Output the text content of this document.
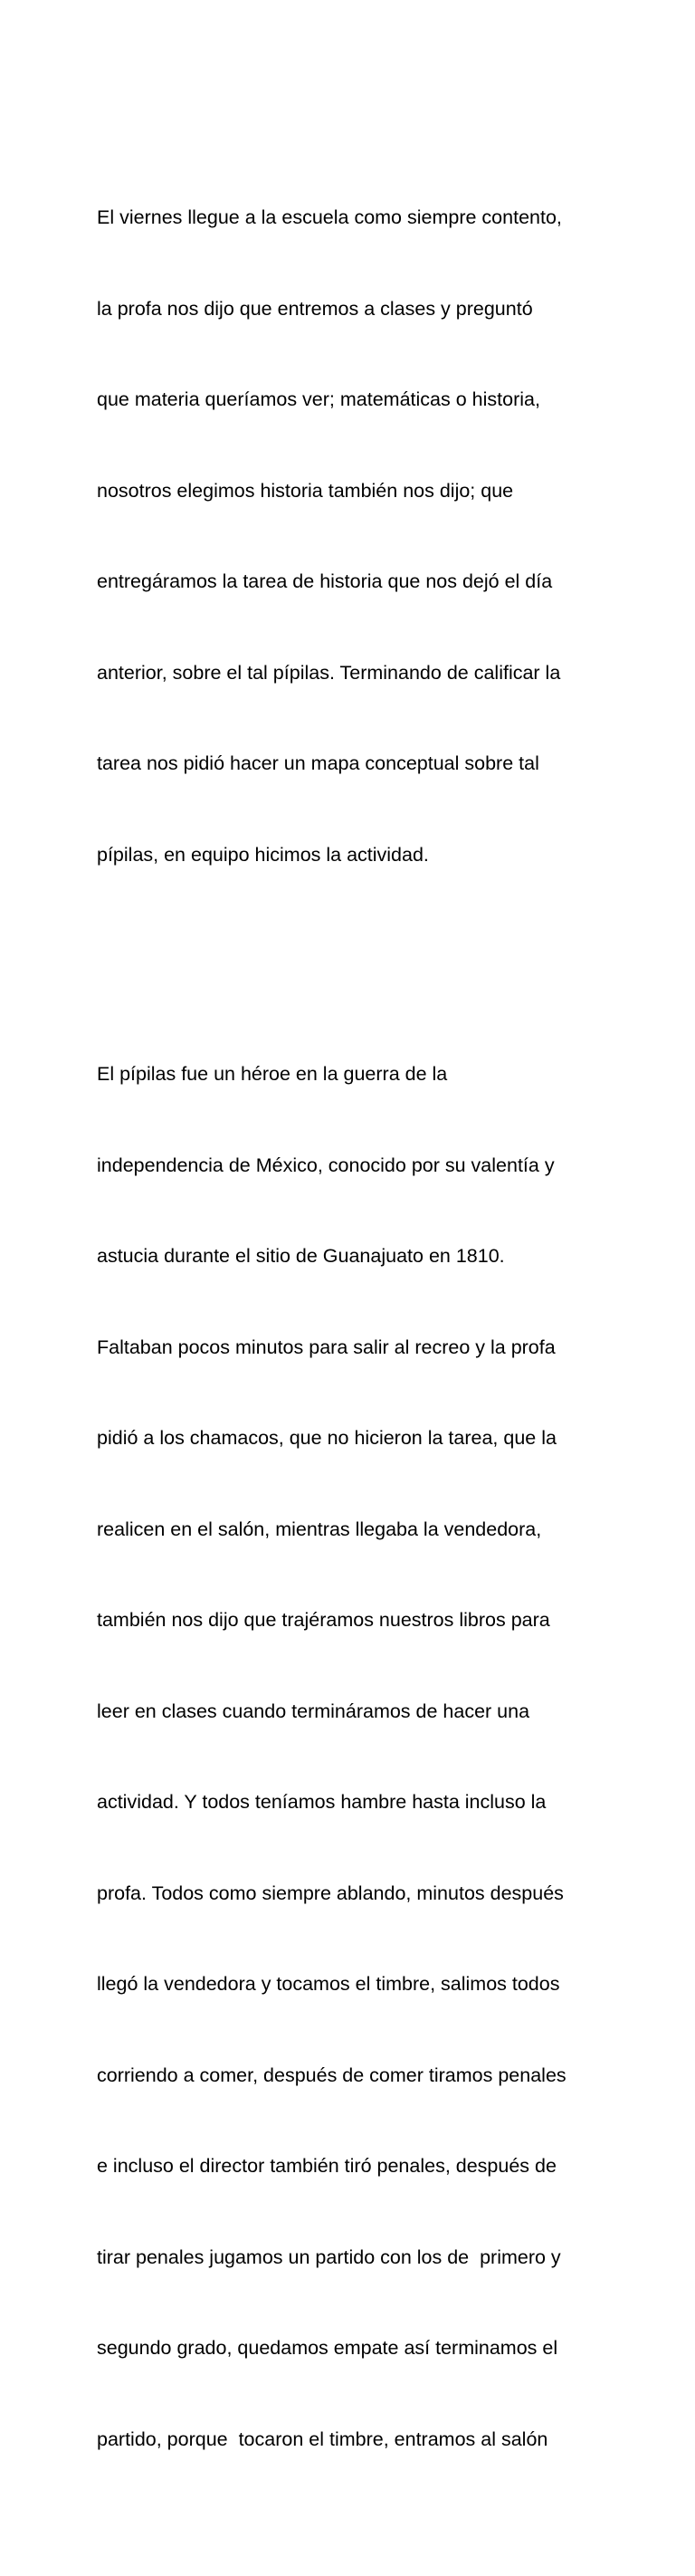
El viernes llegue a la escuela como siempre contento,

la profa nos dijo que entremos a clases y preguntó

que materia queríamos ver; matemáticas o historia,

nosotros elegimos historia también nos dijo; que

entregáramos la tarea de historia que nos dejó el día

anterior, sobre el tal pípilas. Terminando de calificar la

tarea nos pidió hacer un mapa conceptual sobre tal

pípilas, en equipo hicimos la actividad.

El pípilas fue un héroe en la guerra de la

independencia de México, conocido por su valentía y

astucia durante el sitio de Guanajuato en 1810.

Faltaban pocos minutos para salir al recreo y la profa

pidió a los chamacos, que no hicieron la tarea, que la

realicen en el salón, mientras llegaba la vendedora,

también nos dijo que trajéramos nuestros libros para

leer en clases cuando termináramos de hacer una

actividad. Y todos teníamos hambre hasta incluso la

profa. Todos como siempre ablando, minutos después

llegó la vendedora y tocamos el timbre, salimos todos

corriendo a comer, después de comer tiramos penales

e incluso el director también tiró penales, después de

tirar penales jugamos un partido con los de  primero y

segundo grado, quedamos empate así terminamos el

partido, porque  tocaron el timbre, entramos al salón
